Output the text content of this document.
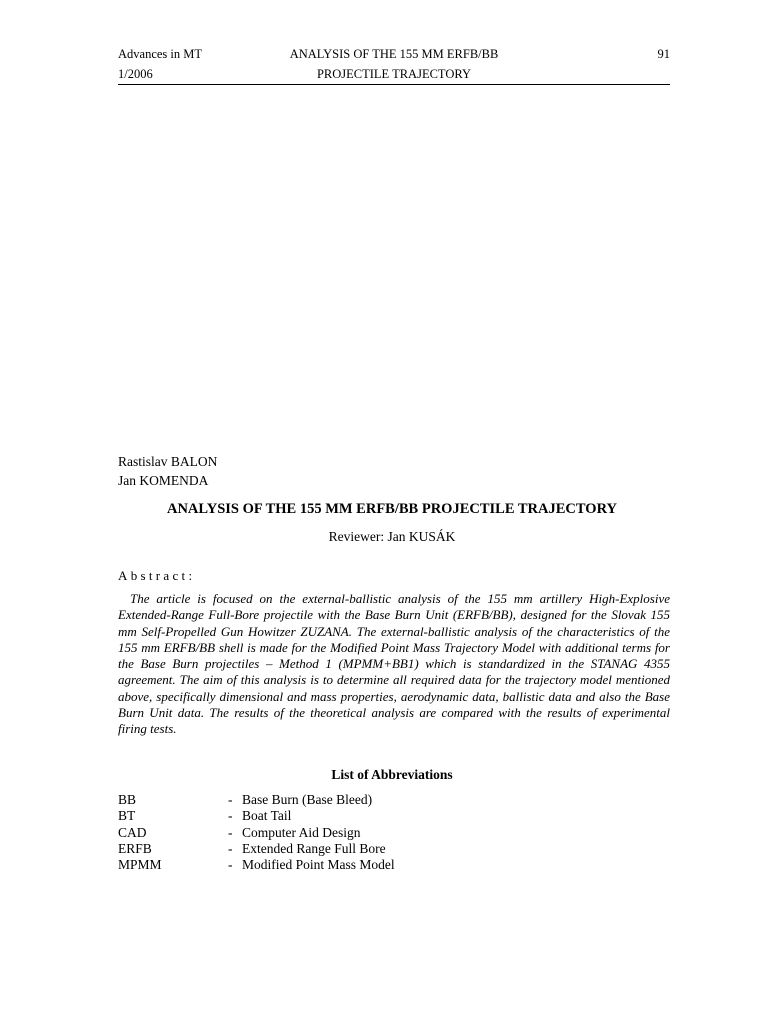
Advances in MT	ANALYSIS OF THE 155 MM ERFB/BB	91
1/2006	PROJECTILE TRAJECTORY
Rastislav BALON
Jan KOMENDA
ANALYSIS OF THE 155 MM ERFB/BB PROJECTILE TRAJECTORY
Reviewer: Jan KUSÁK
Abstract:
The article is focused on the external-ballistic analysis of the 155 mm artillery High-Explosive Extended-Range Full-Bore projectile with the Base Burn Unit (ERFB/BB), designed for the Slovak 155 mm Self-Propelled Gun Howitzer ZUZANA. The external-ballistic analysis of the characteristics of the 155 mm ERFB/BB shell is made for the Modified Point Mass Trajectory Model with additional terms for the Base Burn projectiles – Method 1 (MPMM+BB1) which is standardized in the STANAG 4355 agreement. The aim of this analysis is to determine all required data for the trajectory model mentioned above, specifically dimensional and mass properties, aerodynamic data, ballistic data and also the Base Burn Unit data. The results of the theoretical analysis are compared with the results of experimental firing tests.
List of Abbreviations
BB	- Base Burn (Base Bleed)
BT	- Boat Tail
CAD	- Computer Aid Design
ERFB	- Extended Range Full Bore
MPMM	- Modified Point Mass Model
